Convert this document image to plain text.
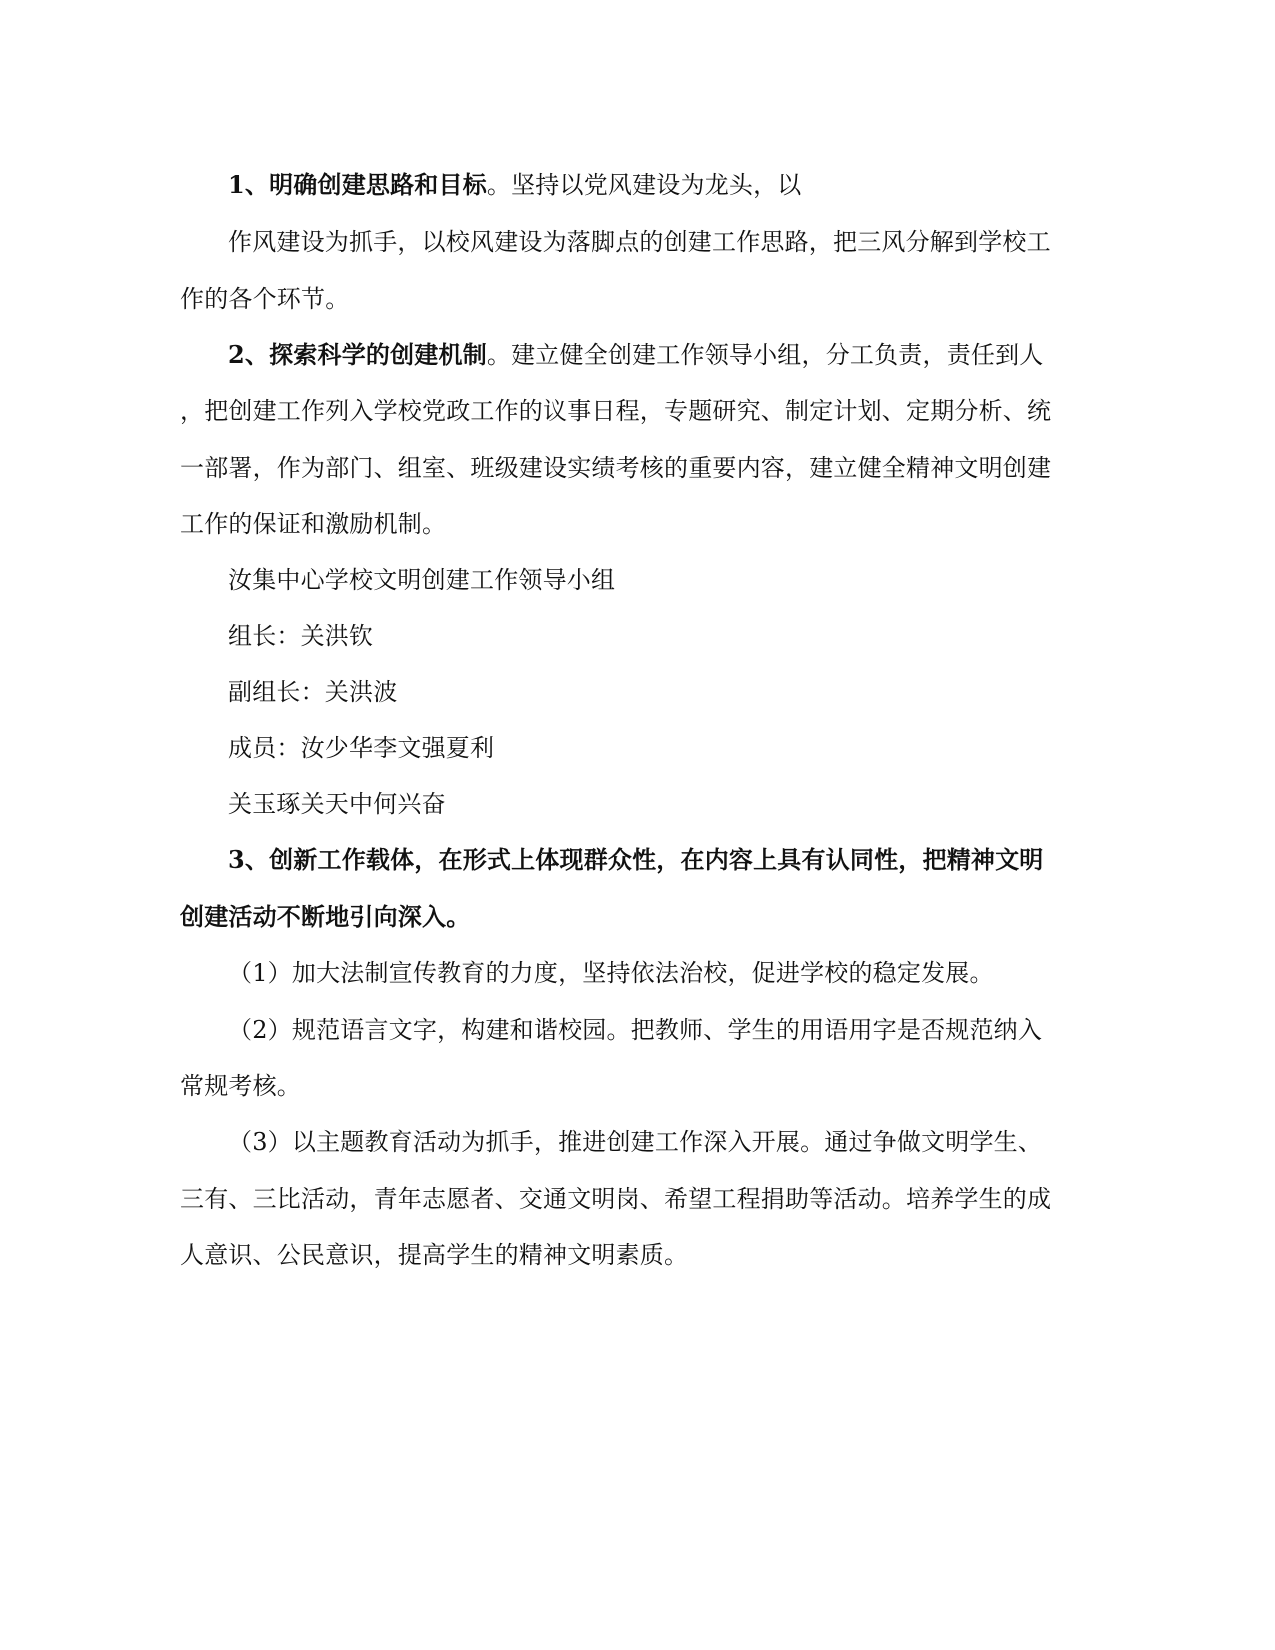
1、明确创建思路和目标。坚持以党风建设为龙头，以
作风建设为抓手，以校风建设为落脚点的创建工作思路，把三风分解到学校工
作的各个环节。
2、探索科学的创建机制。建立健全创建工作领导小组，分工负责，责任到人
，把创建工作列入学校党政工作的议事日程，专题研究、制定计划、定期分析、统
一部署，作为部门、组室、班级建设实绩考核的重要内容，建立健全精神文明创建
工作的保证和激励机制。
汝集中心学校文明创建工作领导小组
组长：关洪钦
副组长：关洪波
成员：汝少华李文强夏利
关玉琢关天中何兴奋
3、创新工作载体，在形式上体现群众性，在内容上具有认同性，把精神文明
创建活动不断地引向深入。
（1）加大法制宣传教育的力度，坚持依法治校，促进学校的稳定发展。
（2）规范语言文字，构建和谐校园。把教师、学生的用语用字是否规范纳入
常规考核。
（3）以主题教育活动为抓手，推进创建工作深入开展。通过争做文明学生、
三有、三比活动，青年志愿者、交通文明岗、希望工程捐助等活动。培养学生的成
人意识、公民意识，提高学生的精神文明素质。
